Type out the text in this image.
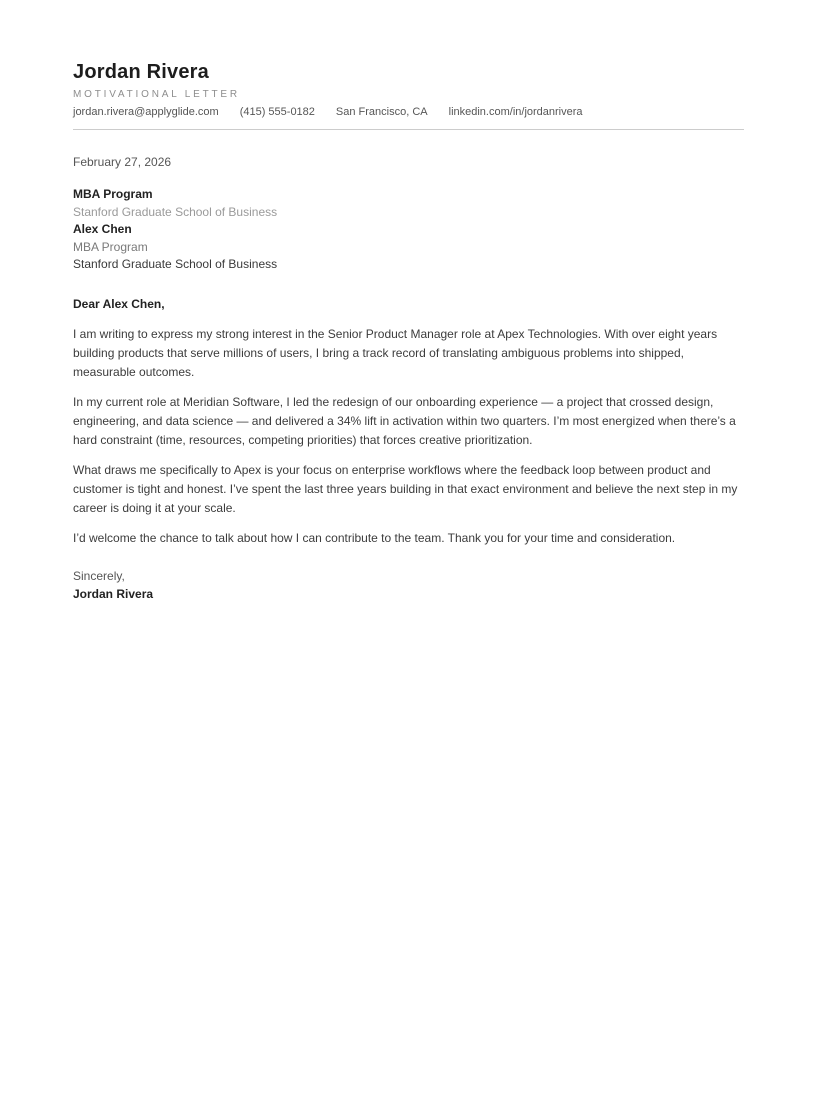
Jordan Rivera
MOTIVATIONAL LETTER
jordan.rivera@applyglide.com (415) 555-0182 San Francisco, CA linkedin.com/in/jordanrivera

February 27, 2026

MBA Program

Stanford Graduate School of Business

Alex Chen

MBA Program

Stanford Graduate School of Business

Dear Alex Chen,

I am writing to express my strong interest in the Senior Product Manager role at Apex Technologies. With over eight years building products that serve millions of users, I bring a track record of translating ambiguous problems into shipped, measurable outcomes.

In my current role at Meridian Software, I led the redesign of our onboarding experience — a project that crossed design, engineering, and data science — and delivered a 34% lift in activation within two quarters. I’m most energized when there’s a hard constraint (time, resources, competing priorities) that forces creative prioritization.

What draws me specifically to Apex is your focus on enterprise workflows where the feedback loop between product and customer is tight and honest. I’ve spent the last three years building in that exact environment and believe the next step in my career is doing it at your scale.

I’d welcome the chance to talk about how I can contribute to the team. Thank you for your time and consideration.

Sincerely,

Jordan Rivera
